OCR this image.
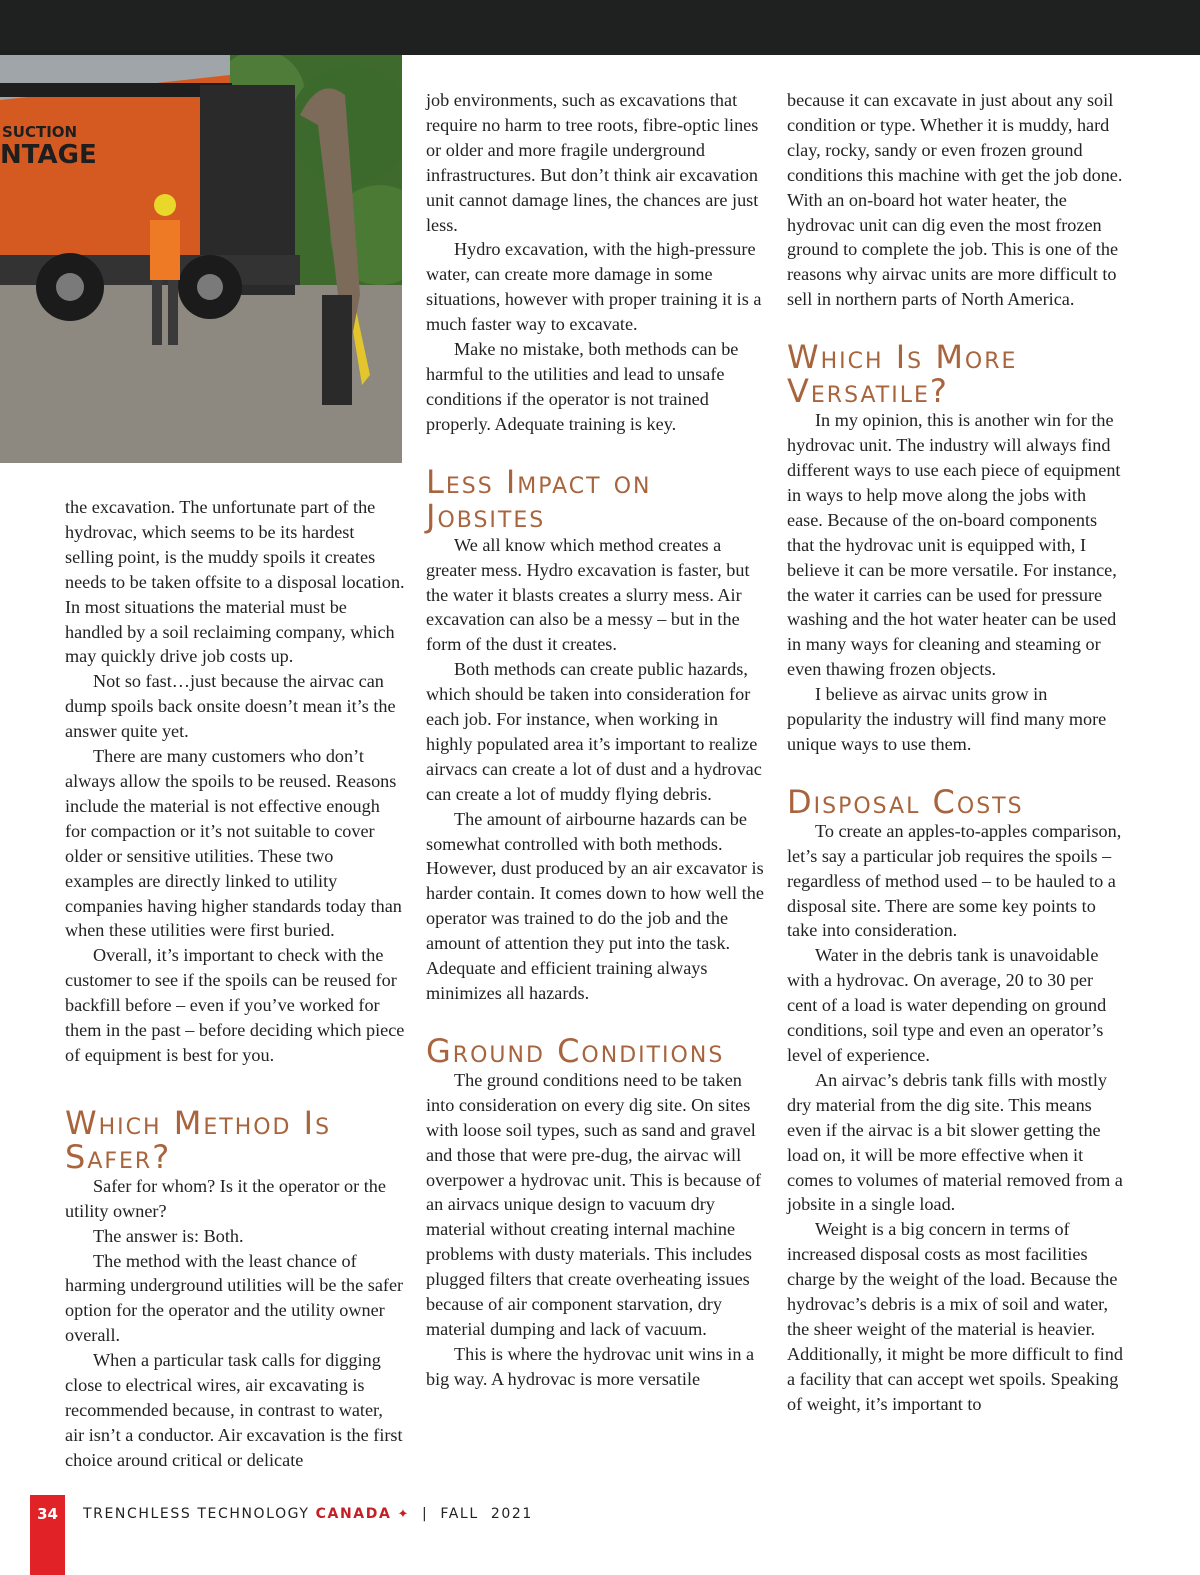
SUCTION
NTAGE

the excavation. The unfortunate part of the hydrovac, which seems to be its hardest selling point, is the muddy spoils it creates needs to be taken offsite to a disposal location. In most situations the material must be handled by a soil reclaiming company, which may quickly drive job costs up.

Not so fast…just because the airvac can dump spoils back onsite doesn’t mean it’s the answer quite yet.

There are many customers who don’t always allow the spoils to be reused. Reasons include the material is not effective enough for compaction or it’s not suitable to cover older or sensitive utilities. These two examples are directly linked to utility companies having higher standards today than when these utilities were first buried.

Overall, it’s important to check with the customer to see if the spoils can be reused for backfill before – even if you’ve worked for them in the past – before deciding which piece of equipment is best for you.

Which Method Is Safer?

Safer for whom? Is it the operator or the utility owner?

The answer is: Both.

The method with the least chance of harming underground utilities will be the safer option for the operator and the utility owner overall.

When a particular task calls for digging close to electrical wires, air excavating is recommended because, in contrast to water, air isn’t a conductor. Air excavation is the first choice around critical or delicate

job environments, such as excavations that require no harm to tree roots, fibre-optic lines or older and more fragile underground infrastructures. But don’t think air excavation unit cannot damage lines, the chances are just less.

Hydro excavation, with the high-pressure water, can create more damage in some situations, however with proper training it is a much faster way to excavate.

Make no mistake, both methods can be harmful to the utilities and lead to unsafe conditions if the operator is not trained properly. Adequate training is key.

Less Impact on Jobsites

We all know which method creates a greater mess. Hydro excavation is faster, but the water it blasts creates a slurry mess. Air excavation can also be a messy – but in the form of the dust it creates.

Both methods can create public hazards, which should be taken into consideration for each job. For instance, when working in highly populated area it’s important to realize airvacs can create a lot of dust and a hydrovac can create a lot of muddy flying debris.

The amount of airbourne hazards can be somewhat controlled with both methods. However, dust produced by an air excavator is harder contain. It comes down to how well the operator was trained to do the job and the amount of attention they put into the task. Adequate and efficient training always minimizes all hazards.

Ground Conditions

The ground conditions need to be taken into consideration on every dig site. On sites with loose soil types, such as sand and gravel and those that were pre-dug, the airvac will overpower a hydrovac unit. This is because of an airvacs unique design to vacuum dry material without creating internal machine problems with dusty materials. This includes plugged filters that create overheating issues because of air component starvation, dry material dumping and lack of vacuum.

This is where the hydrovac unit wins in a big way. A hydrovac is more versatile

because it can excavate in just about any soil condition or type. Whether it is muddy, hard clay, rocky, sandy or even frozen ground conditions this machine with get the job done. With an on-board hot water heater, the hydrovac unit can dig even the most frozen ground to complete the job. This is one of the reasons why airvac units are more difficult to sell in northern parts of North America.

Which Is More Versatile?

In my opinion, this is another win for the hydrovac unit. The industry will always find different ways to use each piece of equipment in ways to help move along the jobs with ease. Because of the on-board components that the hydrovac unit is equipped with, I believe it can be more versatile. For instance, the water it carries can be used for pressure washing and the hot water heater can be used in many ways for cleaning and steaming or even thawing frozen objects.

I believe as airvac units grow in popularity the industry will find many more unique ways to use them.

Disposal Costs

To create an apples-to-apples comparison, let’s say a particular job requires the spoils – regardless of method used – to be hauled to a disposal site. There are some key points to take into consideration.

Water in the debris tank is unavoidable with a hydrovac. On average, 20 to 30 per cent of a load is water depending on ground conditions, soil type and even an operator’s level of experience.

An airvac’s debris tank fills with mostly dry material from the dig site. This means even if the airvac is a bit slower getting the load on, it will be more effective when it comes to volumes of material removed from a jobsite in a single load.

Weight is a big concern in terms of increased disposal costs as most facilities charge by the weight of the load. Because the hydrovac’s debris is a mix of soil and water, the sheer weight of the material is heavier. Additionally, it might be more difficult to find a facility that can accept wet spoils. Speaking of weight, it’s important to

34	TRENCHLESS TECHNOLOGY CANADA ✦ | FALL  2021
